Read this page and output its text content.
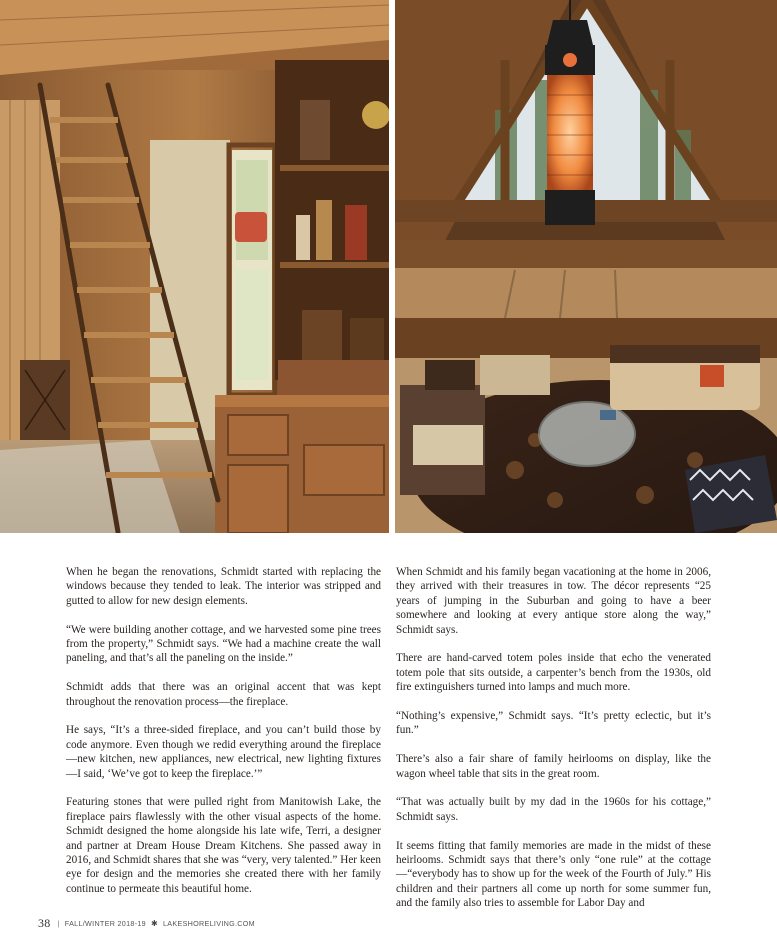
When he began the renovations, Schmidt started with replacing the windows because they tended to leak. The interior was stripped and gutted to allow for new design elements.

“We were building another cottage, and we harvested some pine trees from the property,” Schmidt says. “We had a machine create the wall paneling, and that’s all the paneling on the inside.”

Schmidt adds that there was an original accent that was kept throughout the renovation process—the fireplace.

He says, “It’s a three-sided fireplace, and you can’t build those by code anymore. Even though we redid everything around the fireplace—new kitchen, new appliances, new electrical, new lighting fixtures—I said, ‘We’ve got to keep the fireplace.’”

Featuring stones that were pulled right from Manitowish Lake, the fireplace pairs flawlessly with the other visual aspects of the home. Schmidt designed the home alongside his late wife, Terri, a designer and partner at Dream House Dream Kitchens. She passed away in 2016, and Schmidt shares that she was “very, very talented.” Her keen eye for design and the memories she created there with her family continue to permeate this beautiful home.

When Schmidt and his family began vacationing at the home in 2006, they arrived with their treasures in tow. The décor represents “25 years of jumping in the Suburban and going to have a beer somewhere and looking at every antique store along the way,” Schmidt says.

There are hand-carved totem poles inside that echo the venerated totem pole that sits outside, a carpenter’s bench from the 1930s, old fire extinguishers turned into lamps and much more.

“Nothing’s expensive,” Schmidt says. “It’s pretty eclectic, but it’s fun.”

There’s also a fair share of family heirlooms on display, like the wagon wheel table that sits in the great room.

“That was actually built by my dad in the 1960s for his cottage,” Schmidt says.

It seems fitting that family memories are made in the midst of these heirlooms. Schmidt says that there’s only “one rule” at the cottage—“everybody has to show up for the week of the Fourth of July.” His children and their partners all come up north for some summer fun, and the family also tries to assemble for Labor Day and

38 | FALL/WINTER 2018-19 ✱ LAKESHORELIVING.COM
